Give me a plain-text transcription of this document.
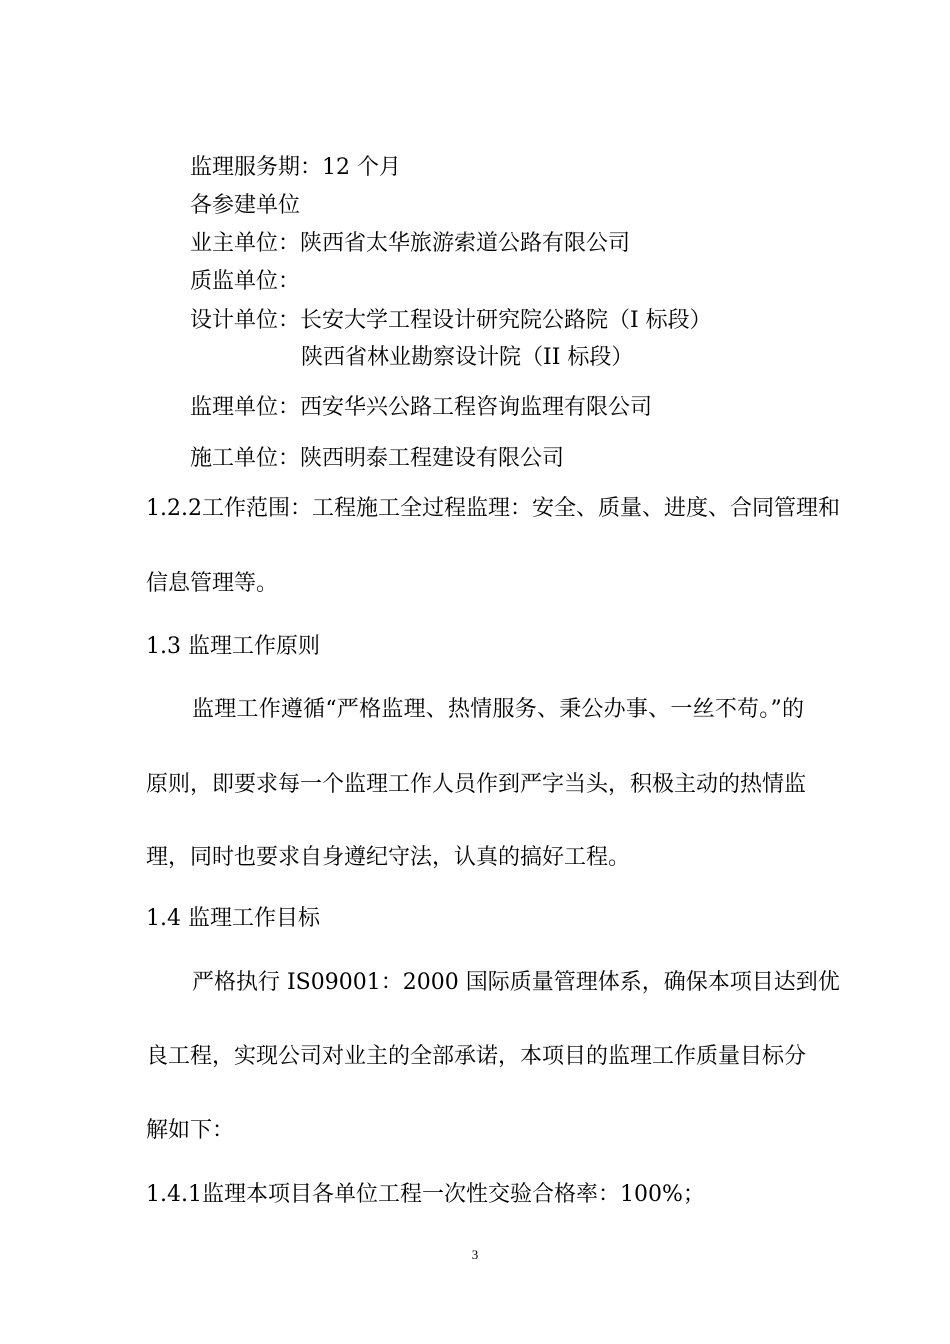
监理服务期：12 个月
各参建单位
业主单位：陕西省太华旅游索道公路有限公司
质监单位：
设计单位：长安大学工程设计研究院公路院（I 标段）
陕西省林业勘察设计院（II 标段）
监理单位：西安华兴公路工程咨询监理有限公司
施工单位：陕西明泰工程建设有限公司
1.2.2工作范围：工程施工全过程监理：安全、质量、进度、合同管理和
信息管理等。
1.3 监理工作原则
监理工作遵循“严格监理、热情服务、秉公办事、一丝不苟。”的
原则，即要求每一个监理工作人员作到严字当头，积极主动的热情监
理，同时也要求自身遵纪守法，认真的搞好工程。
1.4 监理工作目标
严格执行 IS09001：2000 国际质量管理体系，确保本项目达到优
良工程，实现公司对业主的全部承诺，本项目的监理工作质量目标分
解如下：
1.4.1监理本项目各单位工程一次性交验合格率：100%；
3
